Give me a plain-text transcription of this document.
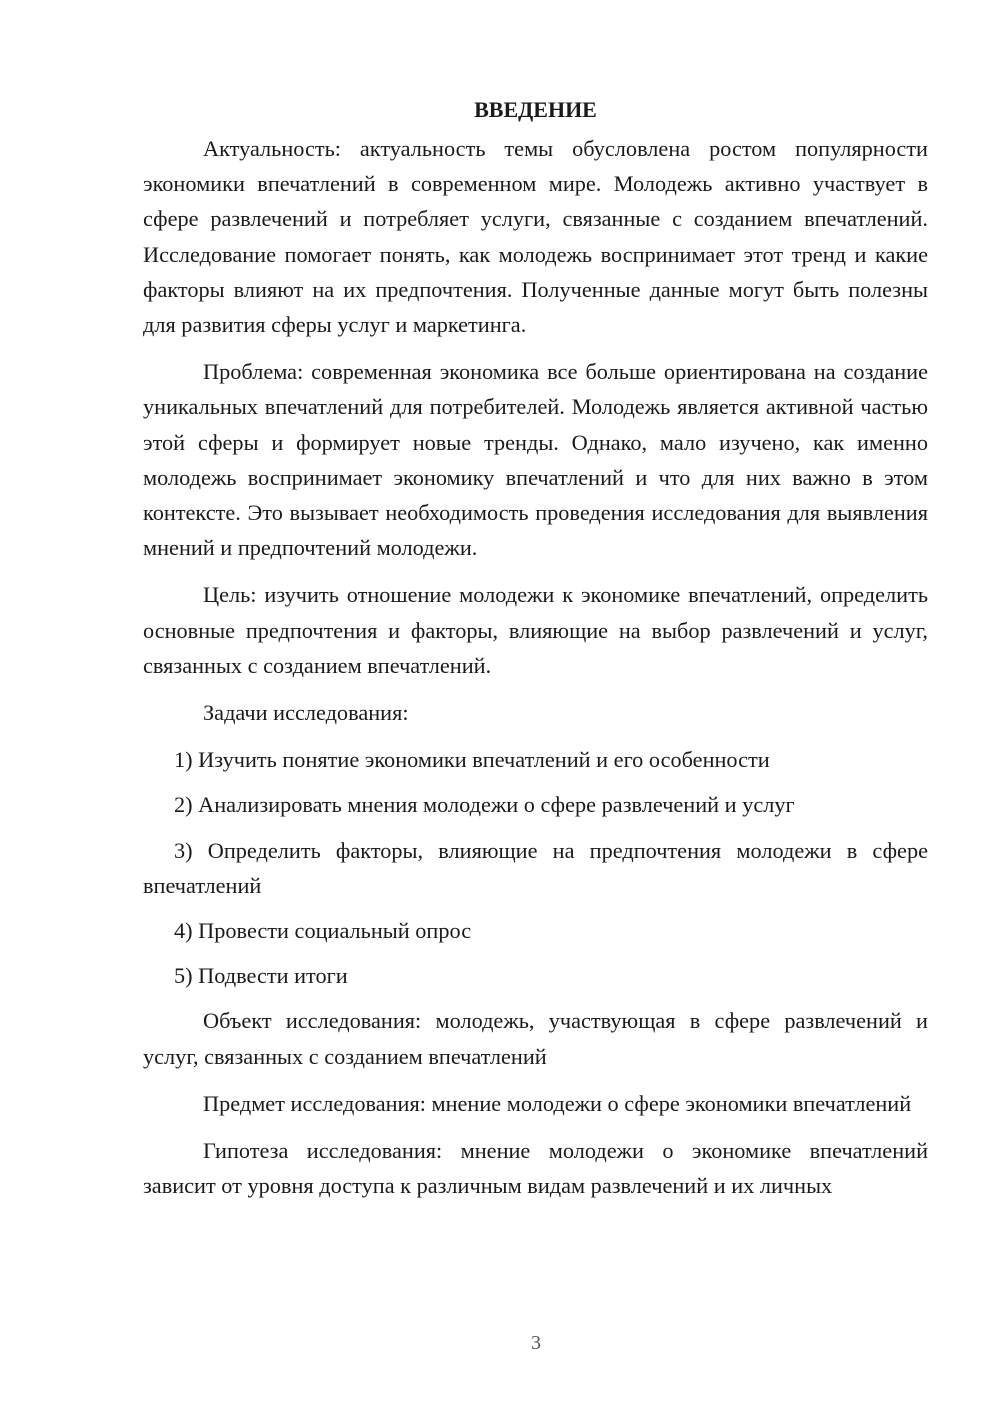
ВВЕДЕНИЕ

Актуальность: актуальность темы обусловлена ростом популярности экономики впечатлений в современном мире. Молодежь активно участвует в сфере развлечений и потребляет услуги, связанные с созданием впечатлений. Исследование помогает понять, как молодежь воспринимает этот тренд и какие факторы влияют на их предпочтения. Полученные данные могут быть полезны для развития сферы услуг и маркетинга.

Проблема: современная экономика все больше ориентирована на создание уникальных впечатлений для потребителей. Молодежь является активной частью этой сферы и формирует новые тренды. Однако, мало изучено, как именно молодежь воспринимает экономику впечатлений и что для них важно в этом контексте. Это вызывает необходимость проведения исследования для выявления мнений и предпочтений молодежи.

Цель: изучить отношение молодежи к экономике впечатлений, определить основные предпочтения и факторы, влияющие на выбор развлечений и услуг, связанных с созданием впечатлений.

Задачи исследования:

1) Изучить понятие экономики впечатлений и его особенности

2) Анализировать мнения молодежи о сфере развлечений и услуг

3) Определить факторы, влияющие на предпочтения молодежи в сфере впечатлений

4) Провести социальный опрос

5) Подвести итоги

Объект исследования: молодежь, участвующая в сфере развлечений и услуг, связанных с созданием впечатлений

Предмет исследования: мнение молодежи о сфере экономики впечатлений

Гипотеза исследования: мнение молодежи о экономике впечатлений зависит от уровня доступа к различным видам развлечений и их личных

3
